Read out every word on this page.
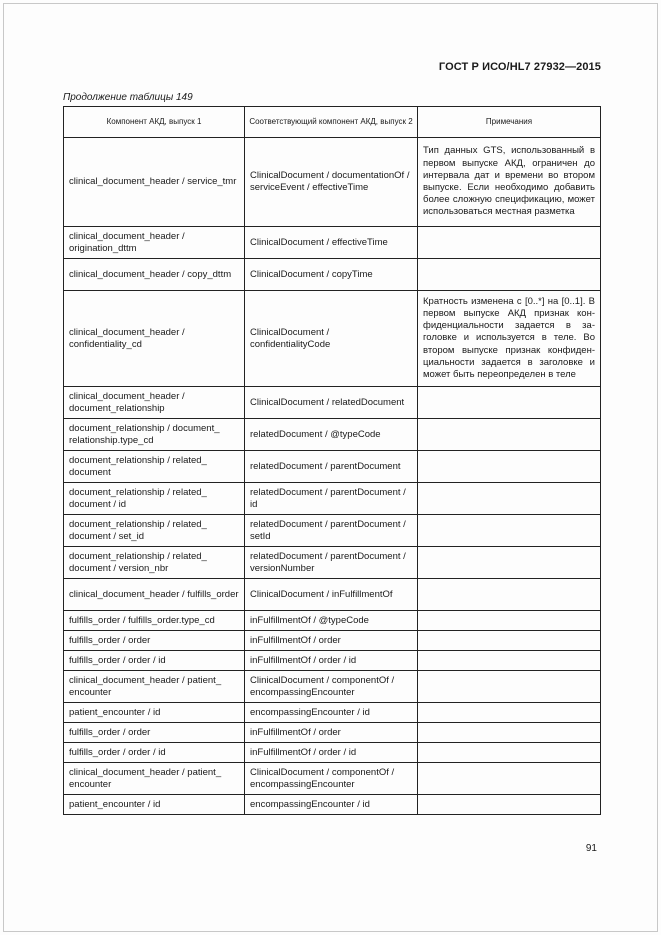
ГОСТ Р ИСО/HL7 27932—2015
Продолжение таблицы 149
Компонент АКД, выпуск 1	Соответствующий компонент АКД, выпуск 2	Примечания
clinical_document_header / service_tmr	ClinicalDocument / documentationOf / serviceEvent / effectiveTime	Тип данных GTS, использованный в первом выпуске АКД, ограничен до интервала дат и времени во втором выпуске. Если необходимо добавить более сложную спецификацию, может использоваться местная разметка
clinical_document_header / origination_dttm	ClinicalDocument / effectiveTime	
clinical_document_header / copy_dttm	ClinicalDocument / copyTime	
clinical_document_header / confidentiality_cd	ClinicalDocument / confidentialityCode	Кратность изменена с [0..*] на [0..1]. В первом выпуске АКД признак конфиденциальности задается в заголовке и используется в теле. Во втором выпуске признак конфиденциальности задается в заголовке и может быть переопределен в теле
clinical_document_header / document_relationship	ClinicalDocument / relatedDocument	
document_relationship / document_ relationship.type_cd	relatedDocument / @typeCode	
document_relationship / related_ document	relatedDocument / parentDocument	
document_relationship / related_ document / id	relatedDocument / parentDocument / id	
document_relationship / related_ document / set_id	relatedDocument / parentDocument / setId	
document_relationship / related_ document / version_nbr	relatedDocument / parentDocument / versionNumber	
clinical_document_header / fulfills_order	ClinicalDocument / inFulfillmentOf	
fulfills_order / fulfills_order.type_cd	inFulfillmentOf / @typeCode	
fulfills_order / order	inFulfillmentOf / order	
fulfills_order / order / id	inFulfillmentOf / order / id	
clinical_document_header / patient_ encounter	ClinicalDocument / componentOf / encompassingEncounter	
patient_encounter / id	encompassingEncounter / id	
fulfills_order / order	inFulfillmentOf / order	
fulfills_order / order / id	inFulfillmentOf / order / id	
clinical_document_header / patient_ encounter	ClinicalDocument / componentOf / encompassingEncounter	
patient_encounter / id	encompassingEncounter / id	
91
